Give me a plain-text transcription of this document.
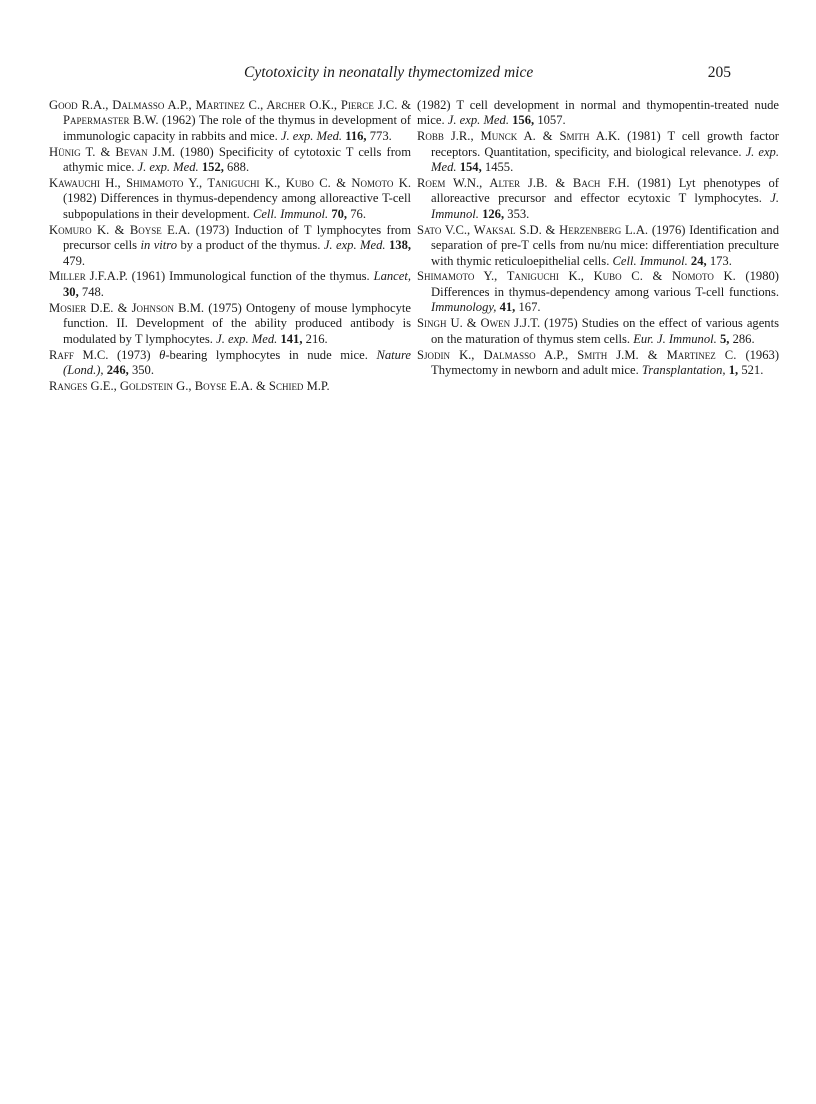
Cytotoxicity in neonatally thymectomized mice	205

Good R.A., Dalmasso A.P., Martinez C., Archer O.K., Pierce J.C. & Papermaster B.W. (1962) The role of the thymus in development of immunologic capacity in rabbits and mice. J. exp. Med. 116, 773.

Hünig T. & Bevan J.M. (1980) Specificity of cytotoxic T cells from athymic mice. J. exp. Med. 152, 688.

Kawauchi H., Shimamoto Y., Taniguchi K., Kubo C. & Nomoto K. (1982) Differences in thymus-dependency among alloreactive T-cell subpopulations in their development. Cell. Immunol. 70, 76.

Komuro K. & Boyse E.A. (1973) Induction of T lymphocytes from precursor cells in vitro by a product of the thymus. J. exp. Med. 138, 479.

Miller J.F.A.P. (1961) Immunological function of the thymus. Lancet, 30, 748.

Mosier D.E. & Johnson B.M. (1975) Ontogeny of mouse lymphocyte function. II. Development of the ability produced antibody is modulated by T lymphocytes. J. exp. Med. 141, 216.

Raff M.C. (1973) θ-bearing lymphocytes in nude mice. Nature (Lond.), 246, 350.

Ranges G.E., Goldstein G., Boyse E.A. & Schied M.P.

(1982) T cell development in normal and thymopentin-treated nude mice. J. exp. Med. 156, 1057.

Robb J.R., Munck A. & Smith A.K. (1981) T cell growth factor receptors. Quantitation, specificity, and biological relevance. J. exp. Med. 154, 1455.

Roem W.N., Alter J.B. & Bach F.H. (1981) Lyt phenotypes of alloreactive precursor and effector ecytoxic T lymphocytes. J. Immunol. 126, 353.

Sato V.C., Waksal S.D. & Herzenberg L.A. (1976) Identification and separation of pre-T cells from nu/nu mice: differentiation preculture with thymic reticuloepithelial cells. Cell. Immunol. 24, 173.

Shimamoto Y., Taniguchi K., Kubo C. & Nomoto K. (1980) Differences in thymus-dependency among various T-cell functions. Immunology, 41, 167.

Singh U. & Owen J.J.T. (1975) Studies on the effect of various agents on the maturation of thymus stem cells. Eur. J. Immunol. 5, 286.

Sjodin K., Dalmasso A.P., Smith J.M. & Martinez C. (1963) Thymectomy in newborn and adult mice. Transplantation, 1, 521.
